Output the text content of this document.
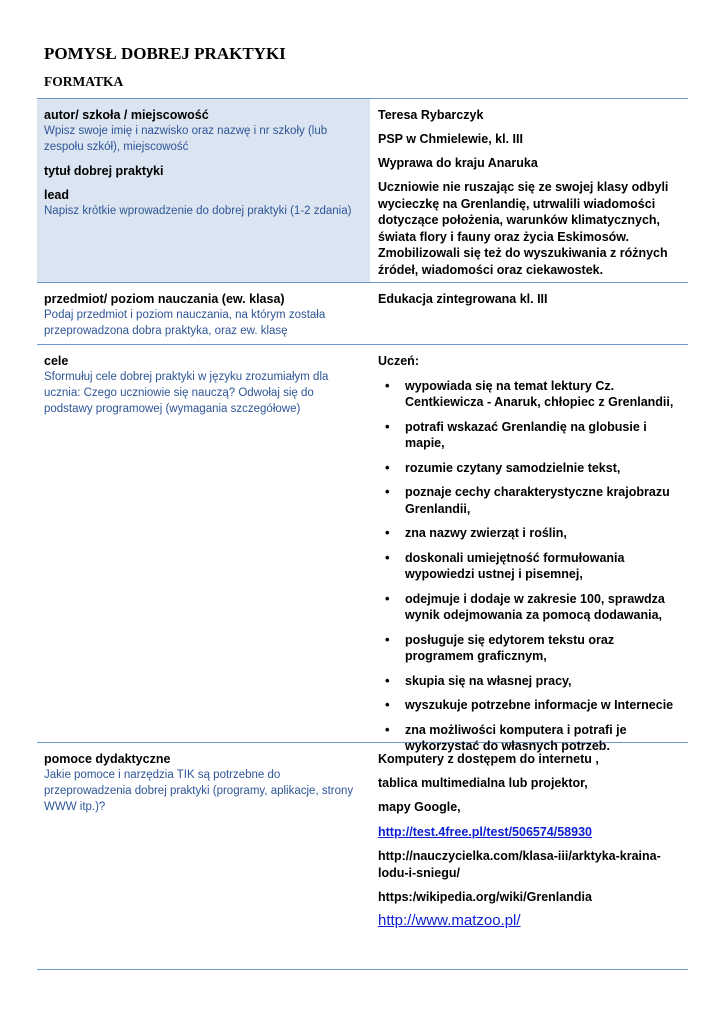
POMYSŁ DOBREJ PRAKTYKI
FORMATKA
autor/ szkoła / miejscowość
Wpisz swoje imię i nazwisko oraz nazwę i nr szkoły (lub zespołu szkół), miejscowość
tytuł dobrej praktyki
lead
Napisz krótkie wprowadzenie do dobrej praktyki (1-2 zdania)
Teresa Rybarczyk
PSP w Chmielewie, kl. III
Wyprawa do kraju Anaruka
Uczniowie nie ruszając się ze swojej klasy odbyli wycieczkę na Grenlandię, utrwalili wiadomości dotyczące położenia, warunków klimatycznych, świata flory i fauny oraz życia Eskimosów. Zmobilizowali się też do wyszukiwania z różnych źródeł, wiadomości oraz ciekawostek.
przedmiot/ poziom nauczania (ew. klasa)
Podaj przedmiot i poziom nauczania, na którym została przeprowadzona dobra praktyka, oraz ew. klasę
Edukacja zintegrowana kl. III
cele
Sformułuj cele dobrej praktyki w języku zrozumiałym dla ucznia: Czego uczniowie się nauczą? Odwołaj się do podstawy programowej (wymagania szczegółowe)
Uczeń:
• wypowiada się na temat lektury Cz. Centkiewicza - Anaruk, chłopiec z Grenlandii,
• potrafi wskazać Grenlandię na globusie i mapie,
• rozumie czytany samodzielnie tekst,
• poznaje cechy charakterystyczne krajobrazu Grenlandii,
• zna nazwy zwierząt i roślin,
• doskonali umiejętność formułowania wypowiedzi ustnej i pisemnej,
• odejmuje i dodaje w zakresie 100, sprawdza wynik odejmowania za pomocą dodawania,
• posługuje się edytorem tekstu oraz programem graficznym,
• skupia się na własnej pracy,
• wyszukuje potrzebne informacje w Internecie
• zna możliwości komputera i potrafi je wykorzystać do własnych potrzeb.
pomoce dydaktyczne
Jakie pomoce i narzędzia TIK są potrzebne do przeprowadzenia dobrej praktyki (programy, aplikacje, strony WWW itp.)?
Komputery z dostępem do internetu ,
tablica multimedialna lub projektor,
mapy Google,
http://test.4free.pl/test/506574/58930
http://nauczycielka.com/klasa-iii/arktyka-kraina-lodu-i-sniegu/
https:/wikipedia.org/wiki/Grenlandia
http://www.matzoo.pl/
